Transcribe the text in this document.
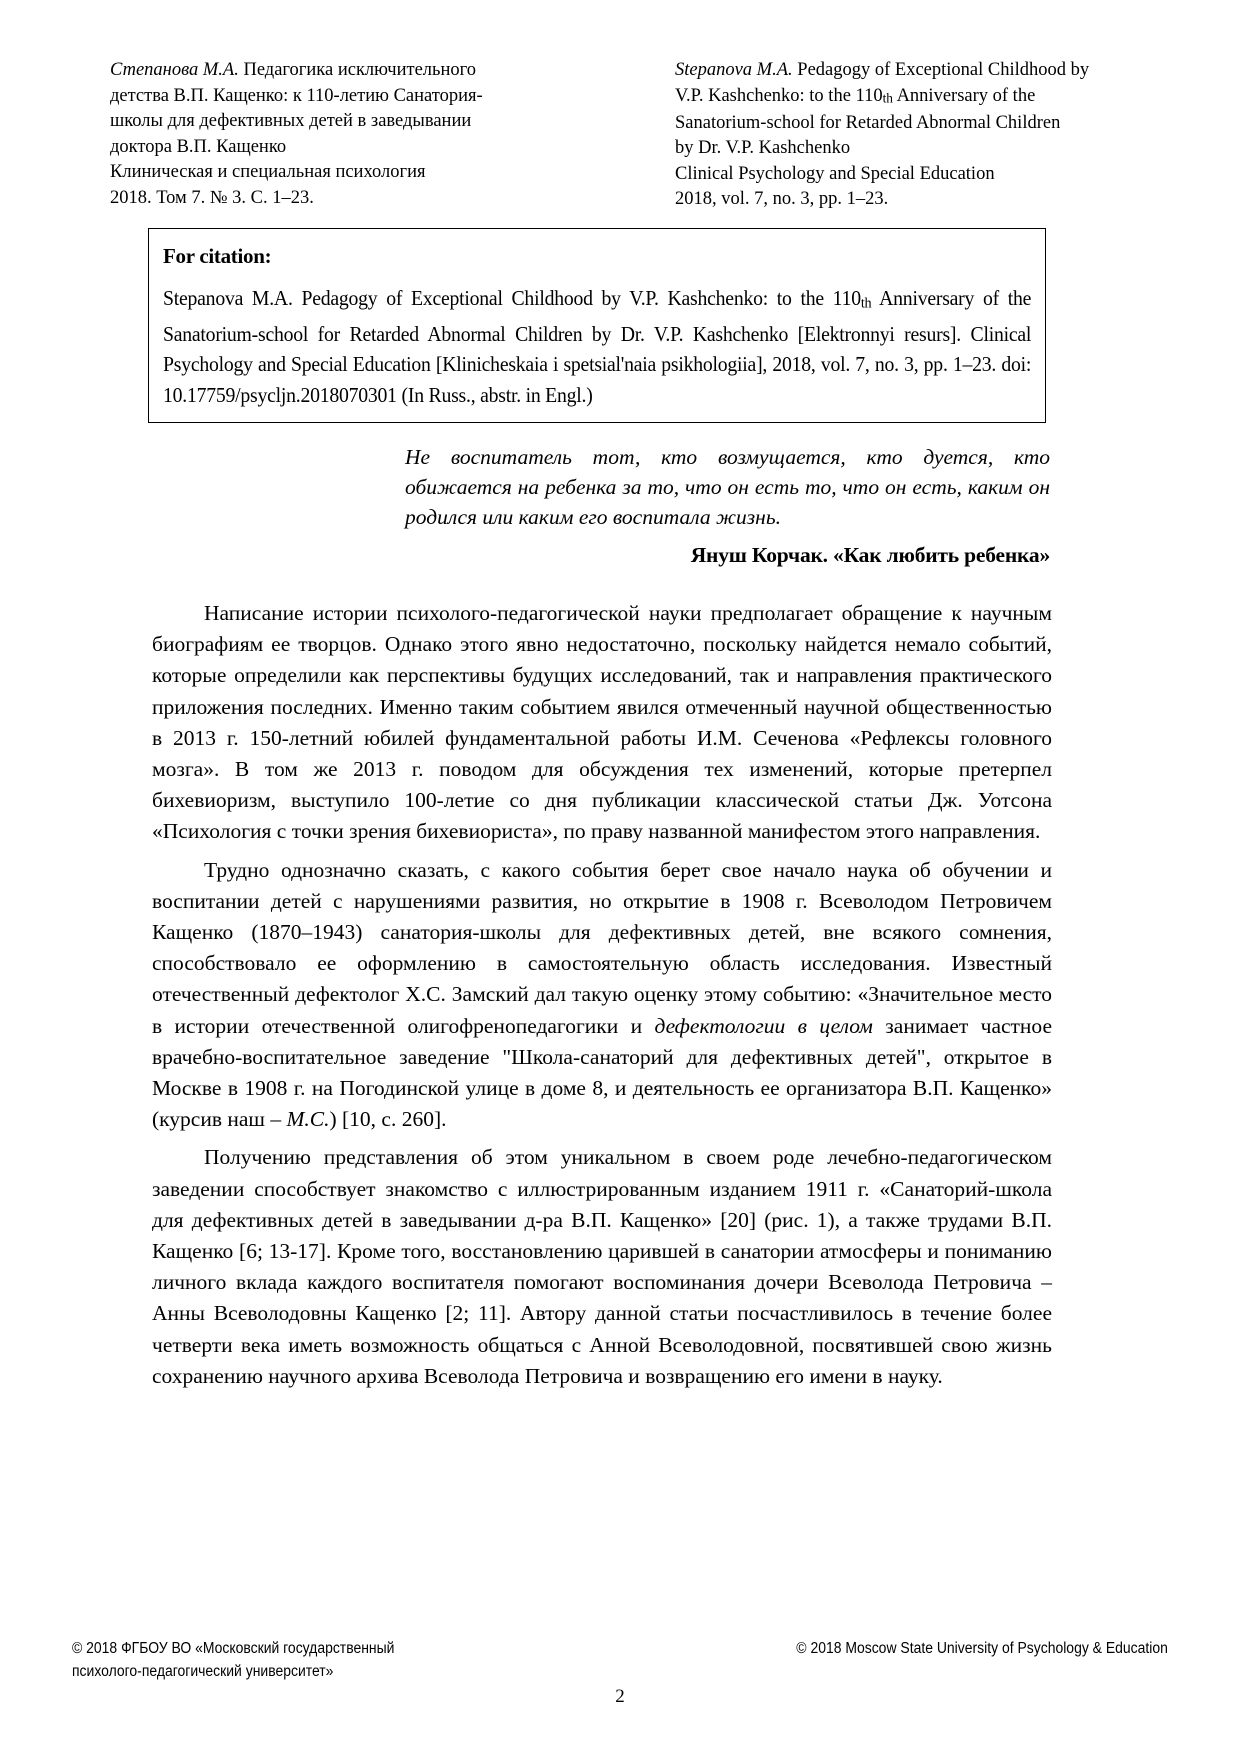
Степанова М.А. Педагогика исключительного
детства В.П. Кащенко: к 110-летию Санатория-
школы для дефективных детей в заведывании
доктора В.П. Кащенко
Клиническая и специальная психология
2018. Том 7. № 3. С. 1–23.
Stepanova M.A. Pedagogy of Exceptional Childhood by
V.P. Kashchenko: to the 110th Anniversary of the
Sanatorium-school for Retarded Abnormal Children
by Dr. V.P. Kashchenko
Clinical Psychology and Special Education
2018, vol. 7, no. 3, pp. 1–23.
For citation:
Stepanova M.A. Pedagogy of Exceptional Childhood by V.P. Kashchenko: to the 110th Anniversary of the Sanatorium-school for Retarded Abnormal Children by Dr. V.P. Kashchenko [Elektronnyi resurs]. Clinical Psychology and Special Education [Klinicheskaia i spetsial'naia psikhologiia], 2018, vol. 7, no. 3, pp. 1–23. doi: 10.17759/psycljn.2018070301 (In Russ., abstr. in Engl.)
Не воспитатель тот, кто возмущается, кто дуется, кто обижается на ребенка за то, что он есть то, что он есть, каким он родился или каким его воспитала жизнь.
Януш Корчак. «Как любить ребенка»

Написание истории психолого-педагогической науки предполагает обращение к научным биографиям ее творцов. Однако этого явно недостаточно, поскольку найдется немало событий, которые определили как перспективы будущих исследований, так и направления практического приложения последних. Именно таким событием явился отмеченный научной общественностью в 2013 г. 150-летний юбилей фундаментальной работы И.М. Сеченова «Рефлексы головного мозга». В том же 2013 г. поводом для обсуждения тех изменений, которые претерпел бихевиоризм, выступило 100-летие со дня публикации классической статьи Дж. Уотсона «Психология с точки зрения бихевиориста», по праву названной манифестом этого направления.

Трудно однозначно сказать, с какого события берет свое начало наука об обучении и воспитании детей с нарушениями развития, но открытие в 1908 г. Всеволодом Петровичем Кащенко (1870–1943) санатория-школы для дефективных детей, вне всякого сомнения, способствовало ее оформлению в самостоятельную область исследования. Известный отечественный дефектолог Х.С. Замский дал такую оценку этому событию: «Значительное место в истории отечественной олигофренопедагогики и дефектологии в целом занимает частное врачебно-воспитательное заведение "Школа-санаторий для дефективных детей", открытое в Москве в 1908 г. на Погодинской улице в доме 8, и деятельность ее организатора В.П. Кащенко» (курсив наш – М.С.) [10, с. 260].

Получению представления об этом уникальном в своем роде лечебно-педагогическом заведении способствует знакомство с иллюстрированным изданием 1911 г. «Санаторий-школа для дефективных детей в заведывании д-ра В.П. Кащенко» [20] (рис. 1), а также трудами В.П. Кащенко [6; 13-17]. Кроме того, восстановлению царившей в санатории атмосферы и пониманию личного вклада каждого воспитателя помогают воспоминания дочери Всеволода Петровича – Анны Всеволодовны Кащенко [2; 11]. Автору данной статьи посчастливилось в течение более четверти века иметь возможность общаться с Анной Всеволодовной, посвятившей свою жизнь сохранению научного архива Всеволода Петровича и возвращению его имени в науку.

© 2018 ФГБОУ ВО «Московский государственный
психолого-педагогический университет»
© 2018 Moscow State University of Psychology & Education
2
